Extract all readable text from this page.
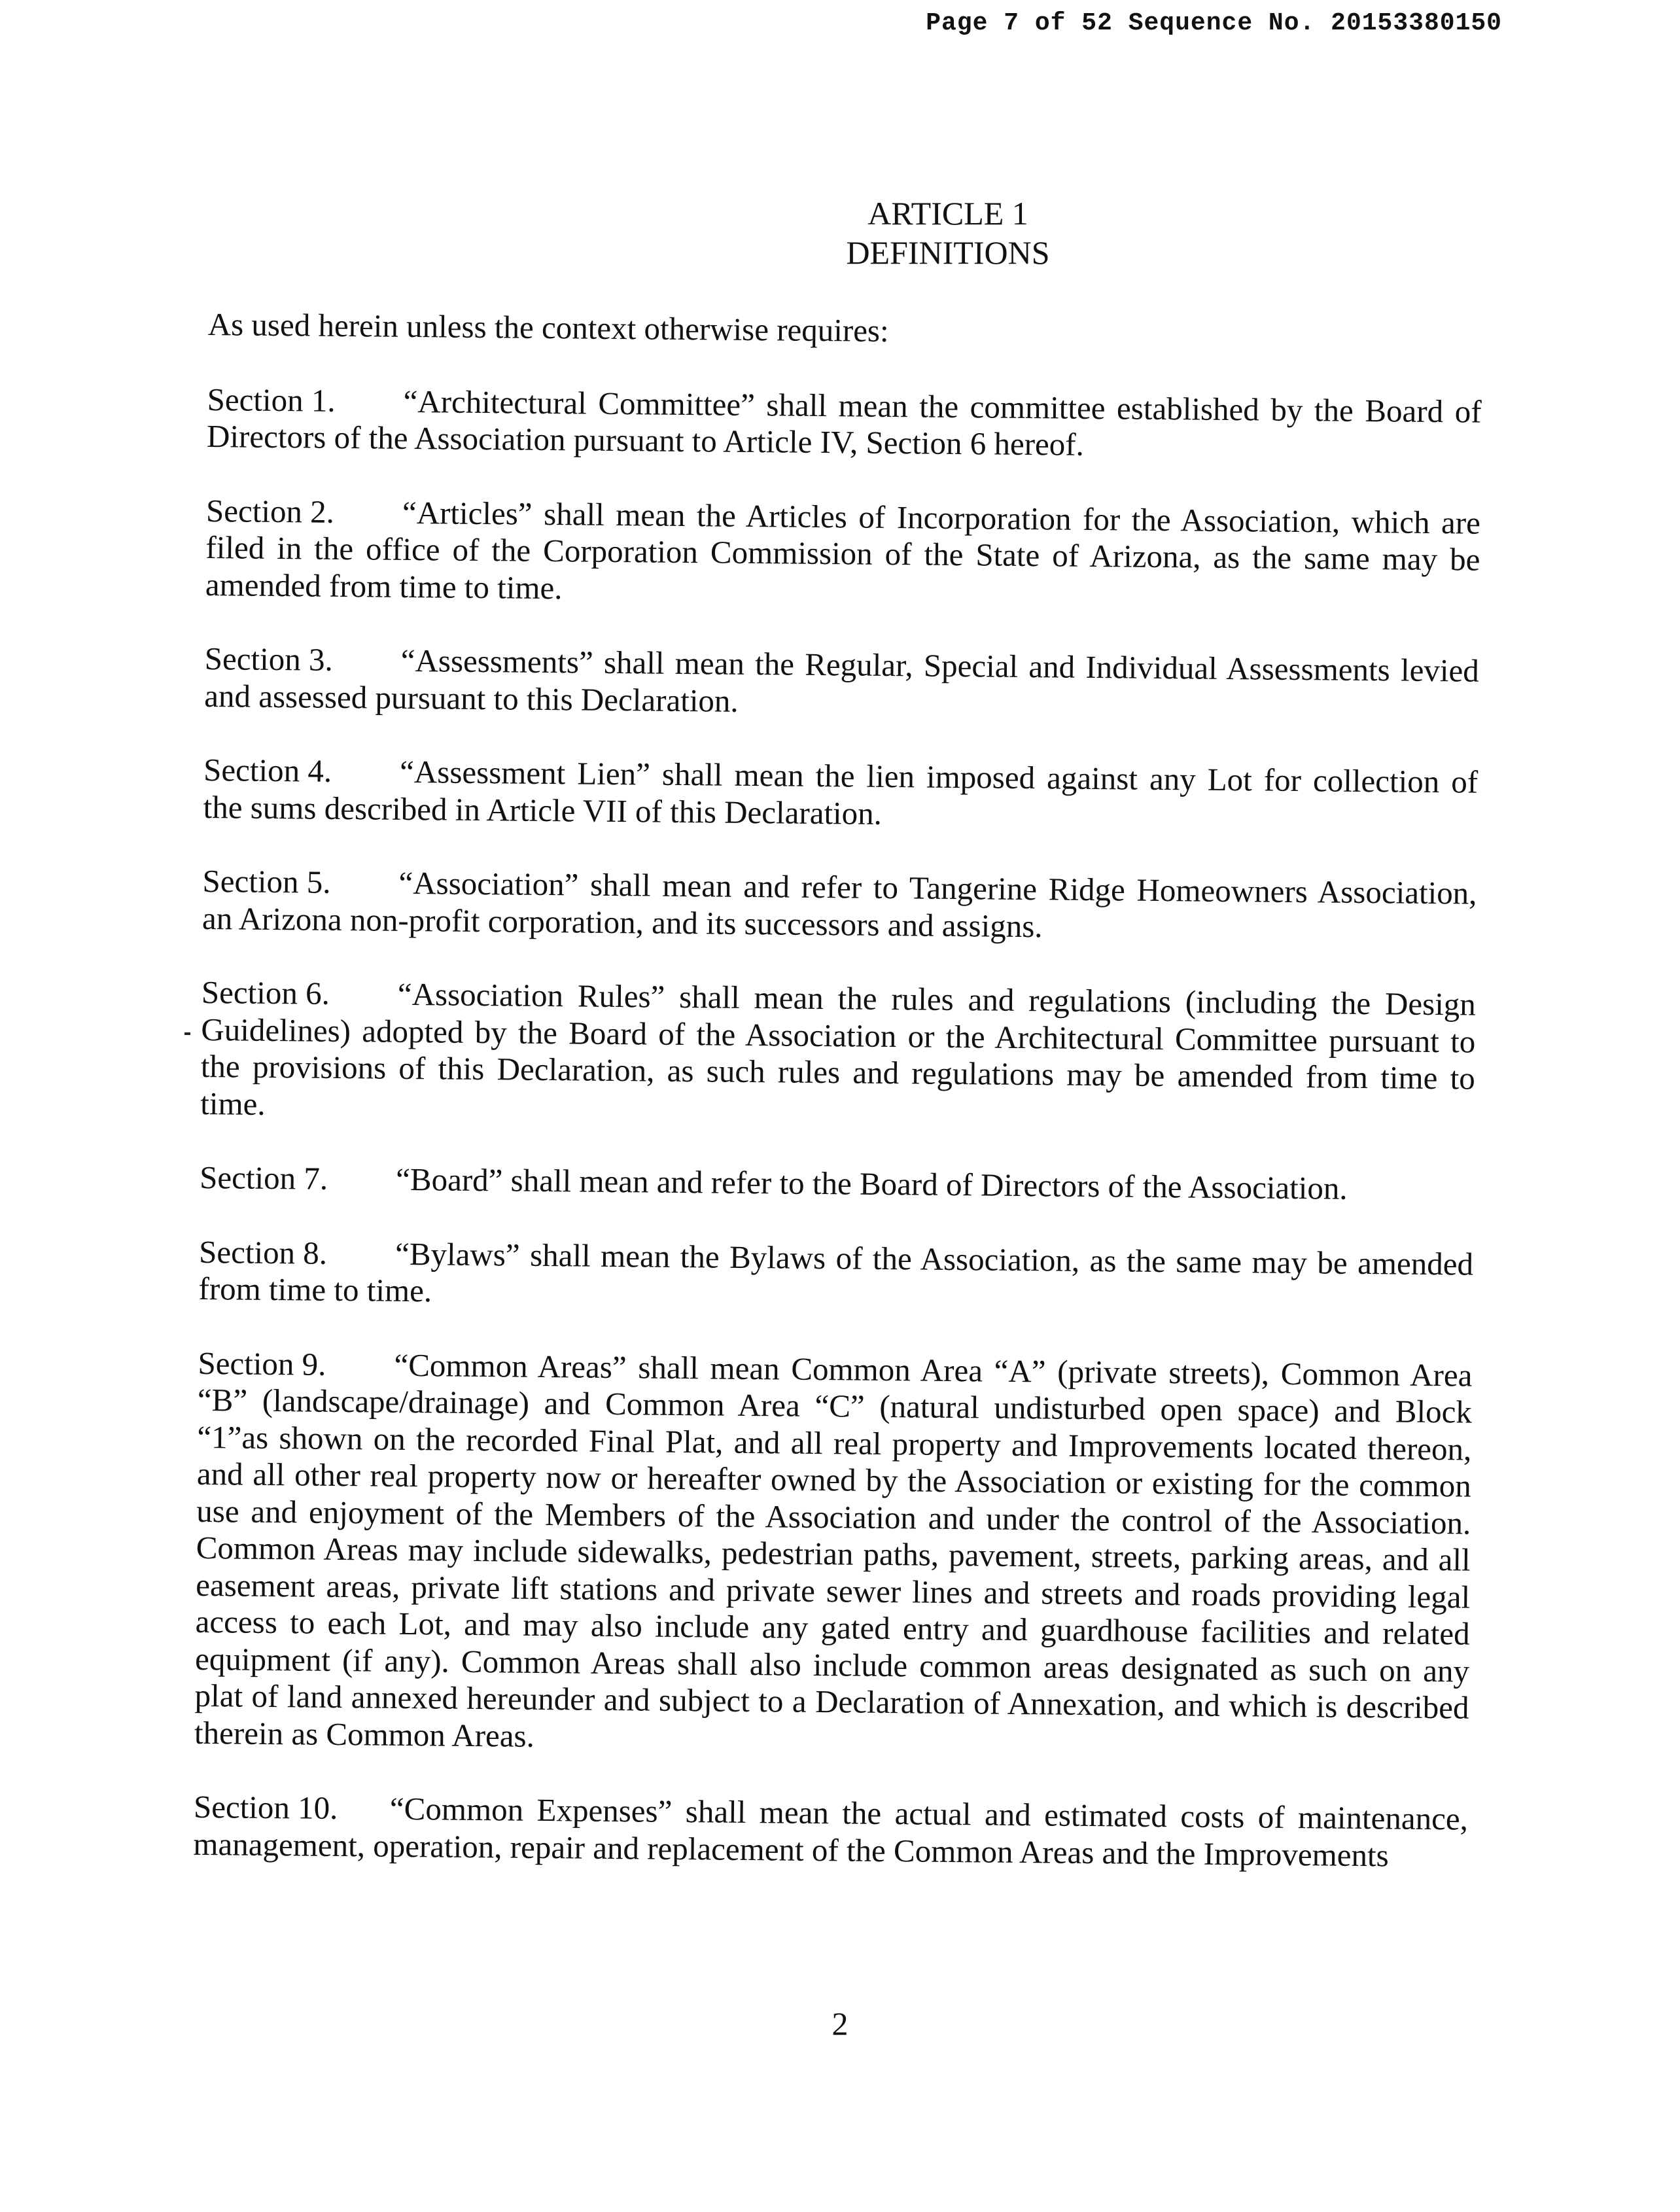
Page 7 of 52 Sequence No. 20153380150
ARTICLE 1
DEFINITIONS

As used herein unless the context otherwise requires:

Section 1. “Architectural Committee” shall mean the committee established by the Board of Directors of the Association pursuant to Article IV, Section 6 hereof.

Section 2. “Articles” shall mean the Articles of Incorporation for the Association, which are filed in the office of the Corporation Commission of the State of Arizona, as the same may be amended from time to time.

Section 3. “Assessments” shall mean the Regular, Special and Individual Assessments levied and assessed pursuant to this Declaration.

Section 4. “Assessment Lien” shall mean the lien imposed against any Lot for collection of the sums described in Article VII of this Declaration.

Section 5. “Association” shall mean and refer to Tangerine Ridge Homeowners Association, an Arizona non-profit corporation, and its successors and assigns.

Section 6. “Association Rules” shall mean the rules and regulations (including the Design Guidelines) adopted by the Board of the Association or the Architectural Committee pursuant to the provisions of this Declaration, as such rules and regulations may be amended from time to time.

Section 7. “Board” shall mean and refer to the Board of Directors of the Association.

Section 8. “Bylaws” shall mean the Bylaws of the Association, as the same may be amended from time to time.

Section 9. “Common Areas” shall mean Common Area “A” (private streets), Common Area “B” (landscape/drainage) and Common Area “C” (natural undisturbed open space) and Block “1”as shown on the recorded Final Plat, and all real property and Improvements located thereon, and all other real property now or hereafter owned by the Association or existing for the common use and enjoyment of the Members of the Association and under the control of the Association. Common Areas may include sidewalks, pedestrian paths, pavement, streets, parking areas, and all easement areas, private lift stations and private sewer lines and streets and roads providing legal access to each Lot, and may also include any gated entry and guardhouse facilities and related equipment (if any). Common Areas shall also include common areas designated as such on any plat of land annexed hereunder and subject to a Declaration of Annexation, and which is described therein as Common Areas.

Section 10. “Common Expenses” shall mean the actual and estimated costs of maintenance, management, operation, repair and replacement of the Common Areas and the Improvements

2
